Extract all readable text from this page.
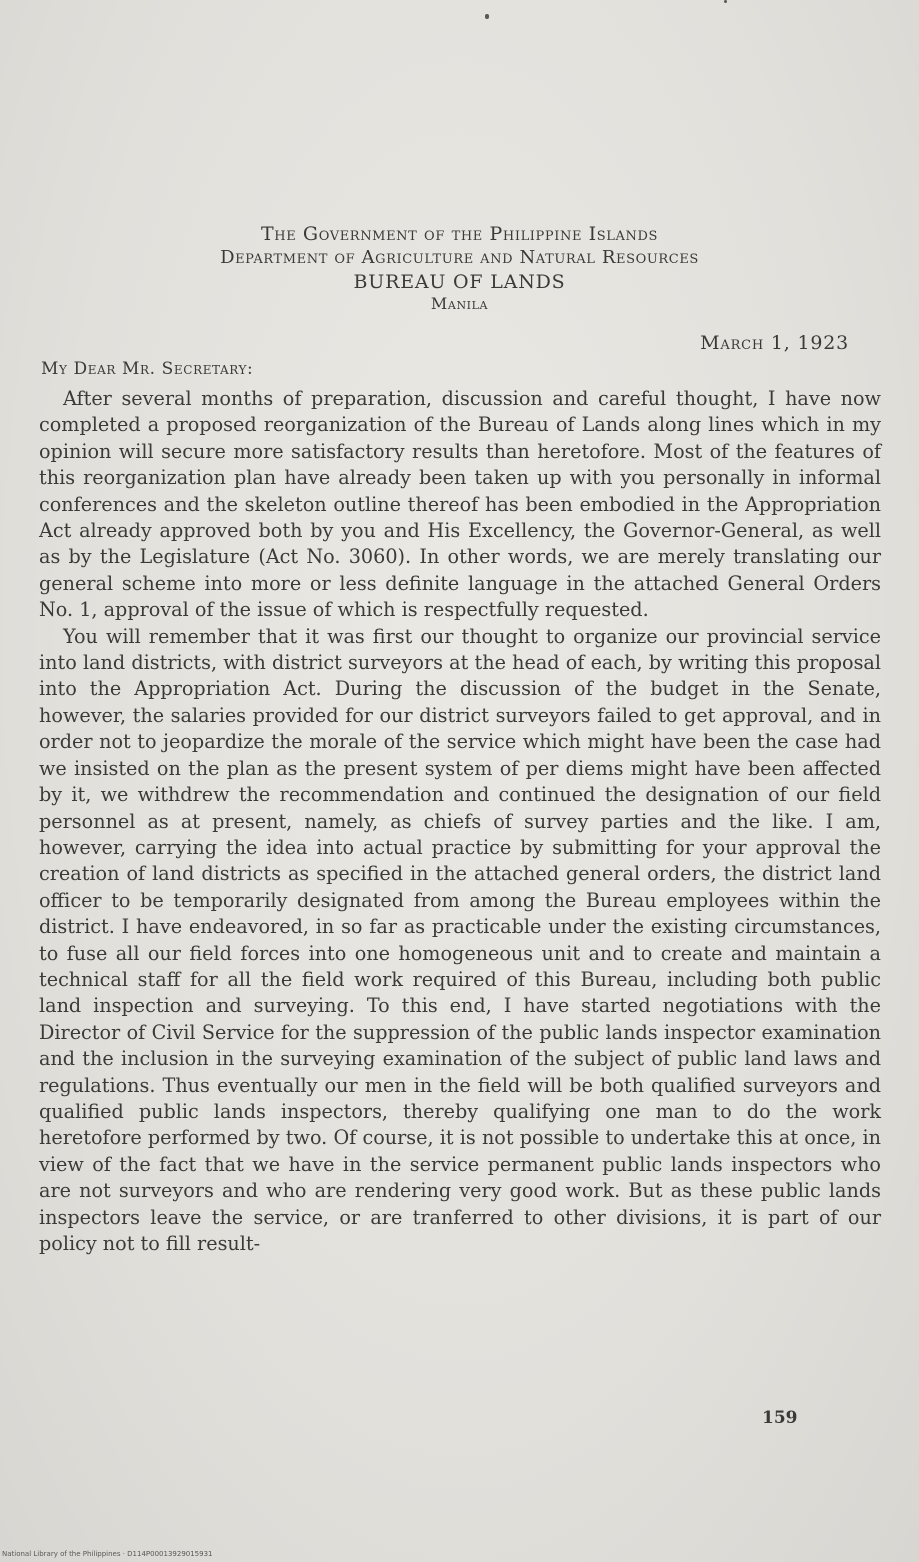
The Government of the Philippine Islands
Department of Agriculture and Natural Resources
BUREAU OF LANDS
Manila
March 1, 1923
My Dear Mr. Secretary:

After several months of preparation, discussion and careful thought, I have now completed a proposed reorganization of the Bureau of Lands along lines which in my opinion will secure more satisfactory results than heretofore. Most of the features of this reorganization plan have already been taken up with you personally in informal conferences and the skeleton outline thereof has been embodied in the Appropriation Act already approved both by you and His Excellency, the Governor-General, as well as by the Legislature (Act No. 3060). In other words, we are merely translating our general scheme into more or less definite language in the attached General Orders No. 1, approval of the issue of which is respectfully requested.

You will remember that it was first our thought to organize our provincial service into land districts, with district surveyors at the head of each, by writing this proposal into the Appropriation Act. During the discussion of the budget in the Senate, however, the salaries provided for our district surveyors failed to get approval, and in order not to jeopardize the morale of the service which might have been the case had we insisted on the plan as the present system of per diems might have been affected by it, we withdrew the recommendation and continued the designation of our field personnel as at present, namely, as chiefs of survey parties and the like. I am, however, carrying the idea into actual practice by submitting for your approval the creation of land districts as specified in the attached general orders, the district land officer to be temporarily designated from among the Bureau employees within the district. I have endeavored, in so far as practicable under the existing circumstances, to fuse all our field forces into one homogeneous unit and to create and maintain a technical staff for all the field work required of this Bureau, including both public land inspection and surveying. To this end, I have started negotiations with the Director of Civil Service for the suppression of the public lands inspector examination and the inclusion in the surveying examination of the subject of public land laws and regulations. Thus eventually our men in the field will be both qualified surveyors and qualified public lands inspectors, thereby qualifying one man to do the work heretofore performed by two. Of course, it is not possible to undertake this at once, in view of the fact that we have in the service permanent public lands inspectors who are not surveyors and who are rendering very good work. But as these public lands inspectors leave the service, or are tranferred to other divisions, it is part of our policy not to fill result-

159
National Library of the Philippines · D114P00013929015931
